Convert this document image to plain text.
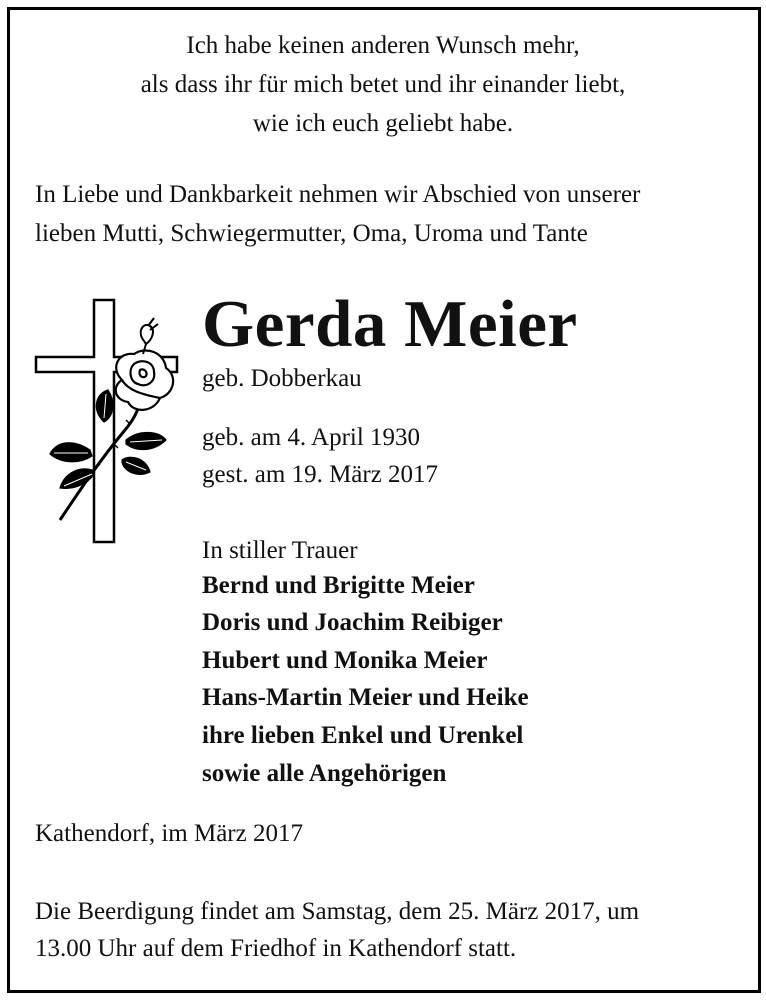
Ich habe keinen anderen Wunsch mehr,
als dass ihr für mich betet und ihr einander liebt,
wie ich euch geliebt habe.
In Liebe und Dankbarkeit nehmen wir Abschied von unserer
lieben Mutti, Schwiegermutter, Oma, Uroma und Tante
Gerda Meier
geb. Dobberkau
geb. am 4. April 1930
gest. am 19. März 2017
In stiller Trauer
Bernd und Brigitte Meier
Doris und Joachim Reibiger
Hubert und Monika Meier
Hans-Martin Meier und Heike
ihre lieben Enkel und Urenkel
sowie alle Angehörigen
Kathendorf, im März 2017
Die Beerdigung findet am Samstag, dem 25. März 2017, um
13.00 Uhr auf dem Friedhof in Kathendorf statt.
